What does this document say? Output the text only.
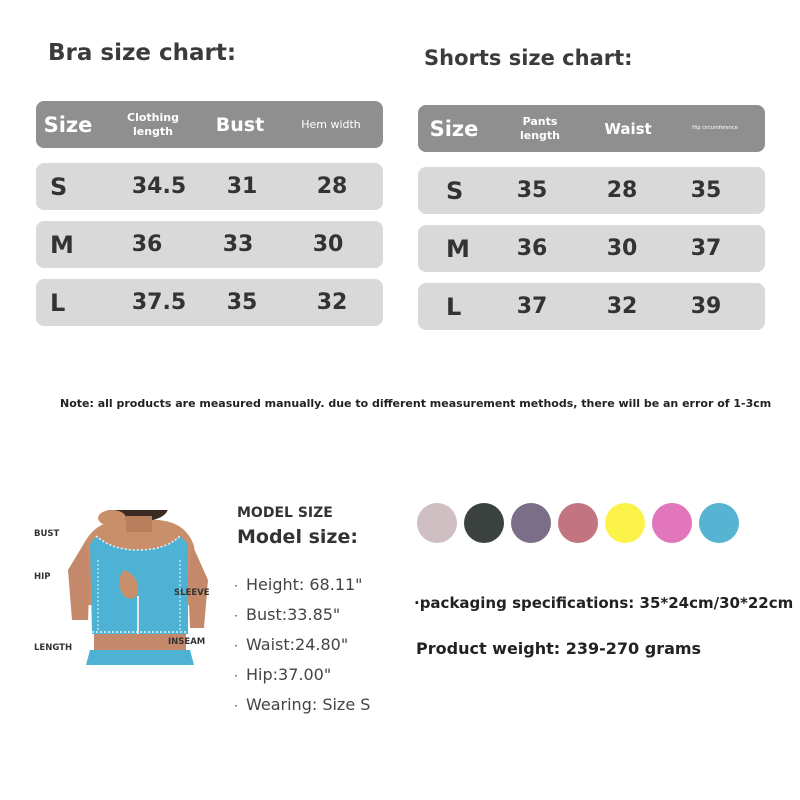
Bra size chart:
Size	Clothing length	Bust	Hem width
S	34.5	31	28
M	36	33	30
L	37.5	35	32
Shorts size chart:
Size	Pants length	Waist	Hip circumference
S	35	28	35
M	36	30	37
L	37	32	39
Note: all products are measured manually. due to different measurement methods, there will be an error of 1-3cm
BUST
HIP
LENGTH
SLEEVE
INSEAM
MODEL SIZE
Model size:
· Height: 68.11"
· Bust:33.85"
· Waist:24.80"
· Hip:37.00"
· Wearing: Size S
·packaging specifications: 35*24cm/30*22cm
Product weight: 239-270 grams
